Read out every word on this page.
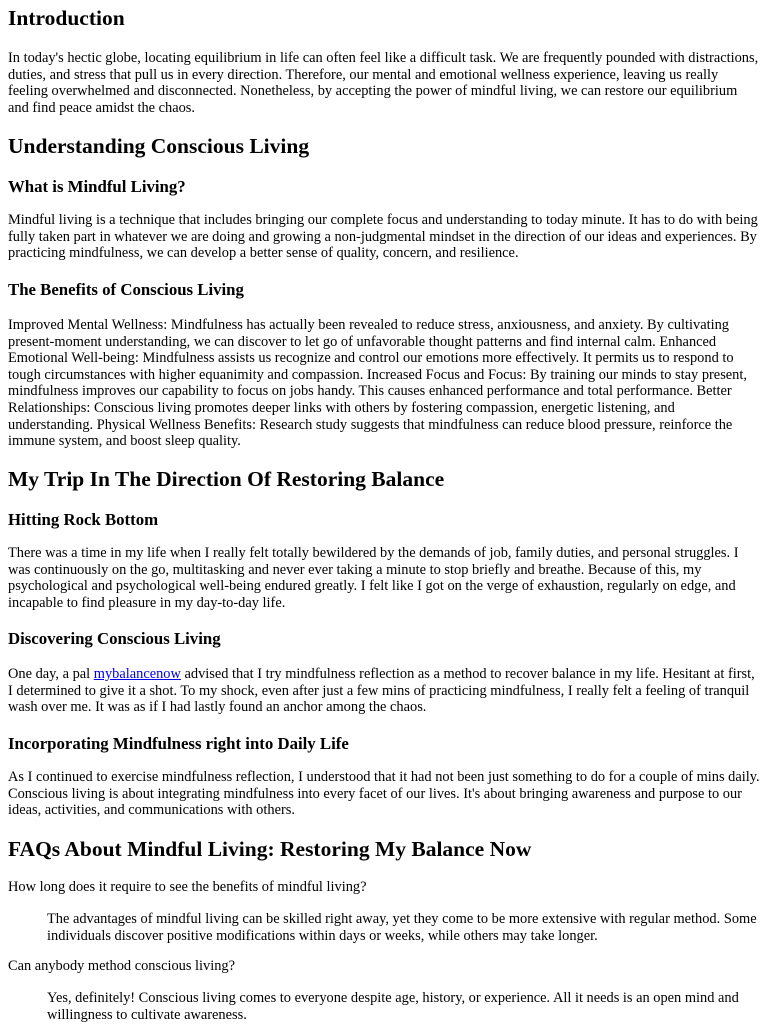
Introduction

In today's hectic globe, locating equilibrium in life can often feel like a difficult task. We are frequently pounded with distractions, duties, and stress that pull us in every direction. Therefore, our mental and emotional wellness experience, leaving us really feeling overwhelmed and disconnected. Nonetheless, by accepting the power of mindful living, we can restore our equilibrium and find peace amidst the chaos.

Understanding Conscious Living
What is Mindful Living?

Mindful living is a technique that includes bringing our complete focus and understanding to today minute. It has to do with being fully taken part in whatever we are doing and growing a non-judgmental mindset in the direction of our ideas and experiences. By practicing mindfulness, we can develop a better sense of quality, concern, and resilience.

The Benefits of Conscious Living

Improved Mental Wellness: Mindfulness has actually been revealed to reduce stress, anxiousness, and anxiety. By cultivating present-moment understanding, we can discover to let go of unfavorable thought patterns and find internal calm. Enhanced Emotional Well-being: Mindfulness assists us recognize and control our emotions more effectively. It permits us to respond to tough circumstances with higher equanimity and compassion. Increased Focus and Focus: By training our minds to stay present, mindfulness improves our capability to focus on jobs handy. This causes enhanced performance and total performance. Better Relationships: Conscious living promotes deeper links with others by fostering compassion, energetic listening, and understanding. Physical Wellness Benefits: Research study suggests that mindfulness can reduce blood pressure, reinforce the immune system, and boost sleep quality.

My Trip In The Direction Of Restoring Balance
Hitting Rock Bottom

There was a time in my life when I really felt totally bewildered by the demands of job, family duties, and personal struggles. I was continuously on the go, multitasking and never ever taking a minute to stop briefly and breathe. Because of this, my psychological and psychological well-being endured greatly. I felt like I got on the verge of exhaustion, regularly on edge, and incapable to find pleasure in my day-to-day life.

Discovering Conscious Living

One day, a pal mybalancenow advised that I try mindfulness reflection as a method to recover balance in my life. Hesitant at first, I determined to give it a shot. To my shock, even after just a few mins of practicing mindfulness, I really felt a feeling of tranquil wash over me. It was as if I had lastly found an anchor among the chaos.

Incorporating Mindfulness right into Daily Life

As I continued to exercise mindfulness reflection, I understood that it had not been just something to do for a couple of mins daily. Conscious living is about integrating mindfulness into every facet of our lives. It's about bringing awareness and purpose to our ideas, activities, and communications with others.

FAQs About Mindful Living: Restoring My Balance Now

How long does it require to see the benefits of mindful living?

The advantages of mindful living can be skilled right away, yet they come to be more extensive with regular method. Some individuals discover positive modifications within days or weeks, while others may take longer.

Can anybody method conscious living?

Yes, definitely! Conscious living comes to everyone despite age, history, or experience. All it needs is an open mind and willingness to cultivate awareness.
